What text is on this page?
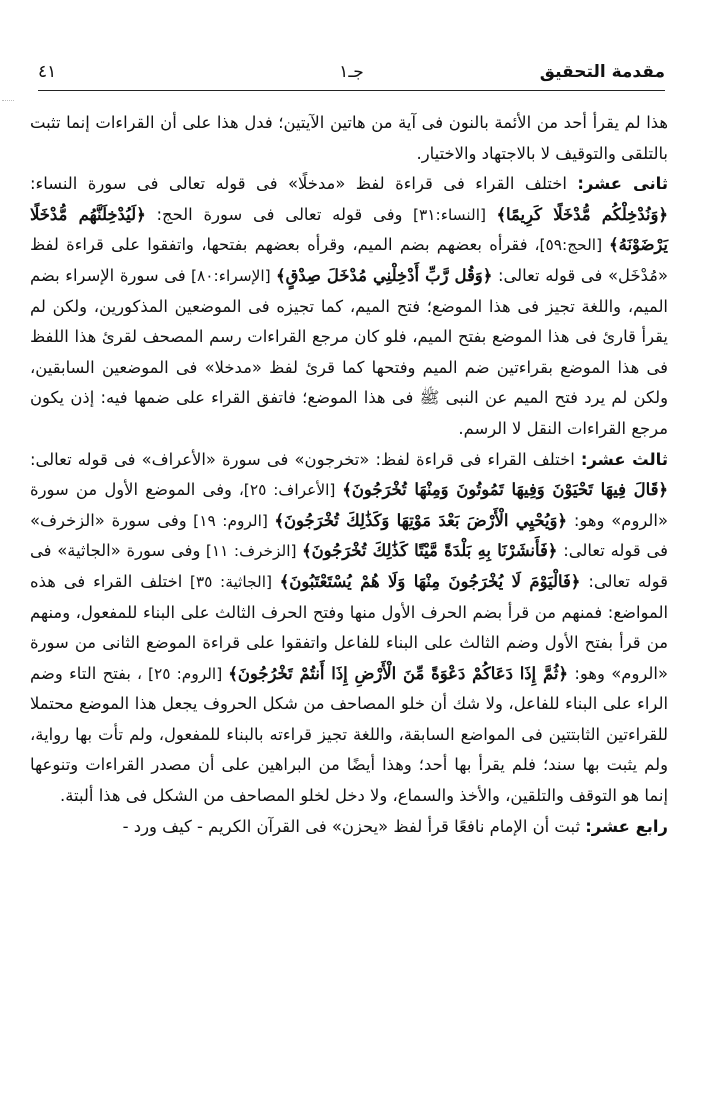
مقدمة التحقيق
جـ١
٤١

هذا لم يقرأ أحد من الأئمة بالنون فى آية من هاتين الآيتين؛ فدل هذا على أن القراءات إنما تثبت بالتلقى والتوقيف لا بالاجتهاد والاختيار.

ثانى عشر: اختلف القراء فى قراءة لفظ «مدخلًا» فى قوله تعالى فى سورة النساء: ﴿وَنُدْخِلْكُم مُّدْخَلًا كَرِيمًا﴾ [النساء:٣١] وفى قوله تعالى فى سورة الحج: ﴿لَيُدْخِلَنَّهُم مُّدْخَلًا يَرْضَوْنَهُ﴾ [الحج:٥٩]، فقرأه بعضهم بضم الميم، وقرأه بعضهم بفتحها، واتفقوا على قراءة لفظ «مُدْخَل» فى قوله تعالى: ﴿وَقُل رَّبِّ أَدْخِلْنِي مُدْخَلَ صِدْقٍ﴾ [الإسراء:٨٠] فى سورة الإسراء بضم الميم، واللغة تجيز فى هذا الموضع؛ فتح الميم، كما تجيزه فى الموضعين المذكورين، ولكن لم يقرأ قارئ فى هذا الموضع بفتح الميم، فلو كان مرجع القراءات رسم المصحف لقرئ هذا اللفظ فى هذا الموضع بقراءتين ضم الميم وفتحها كما قرئ لفظ «مدخلا» فى الموضعين السابقين، ولكن لم يرد فتح الميم عن النبى ﷺ فى هذا الموضع؛ فاتفق القراء على ضمها فيه: إذن يكون مرجع القراءات النقل لا الرسم.

ثالث عشر: اختلف القراء فى قراءة لفظ: «تخرجون» فى سورة «الأعراف» فى قوله تعالى: ﴿قَالَ فِيهَا تَحْيَوْنَ وَفِيهَا تَمُوتُونَ وَمِنْهَا تُخْرَجُونَ﴾ [الأعراف: ٢٥]، وفى الموضع الأول من سورة «الروم» وهو: ﴿وَيُحْيِي الْأَرْضَ بَعْدَ مَوْتِهَا وَكَذَٰلِكَ تُخْرَجُونَ﴾ [الروم: ١٩] وفى سورة «الزخرف» فى قوله تعالى: ﴿فَأَنشَرْنَا بِهِ بَلْدَةً مَّيْتًا كَذَٰلِكَ تُخْرَجُونَ﴾ [الزخرف: ١١] وفى سورة «الجاثية» فى قوله تعالى: ﴿فَالْيَوْمَ لَا يُخْرَجُونَ مِنْهَا وَلَا هُمْ يُسْتَعْتَبُونَ﴾ [الجاثية: ٣٥] اختلف القراء فى هذه المواضع: فمنهم من قرأ بضم الحرف الأول منها وفتح الحرف الثالث على البناء للمفعول، ومنهم من قرأ بفتح الأول وضم الثالث على البناء للفاعل واتفقوا على قراءة الموضع الثانى من سورة «الروم» وهو: ﴿ثُمَّ إِذَا دَعَاكُمْ دَعْوَةً مِّنَ الْأَرْضِ إِذَا أَنتُمْ تَخْرُجُونَ﴾ [الروم: ٢٥] ، بفتح التاء وضم الراء على البناء للفاعل، ولا شك أن خلو المصاحف من شكل الحروف يجعل هذا الموضع محتملا للقراءتين الثابتتين فى المواضع السابقة، واللغة تجيز قراءته بالبناء للمفعول، ولم تأت بها رواية، ولم يثبت بها سند؛ فلم يقرأ بها أحد؛ وهذا أيضًا من البراهين على أن مصدر القراءات وتنوعها إنما هو التوقف والتلقين، والأخذ والسماع، ولا دخل لخلو المصاحف من الشكل فى هذا ألبتة.

رابع عشر: ثبت أن الإمام نافعًا قرأ لفظ «يحزن» فى القرآن الكريم - كيف ورد -
